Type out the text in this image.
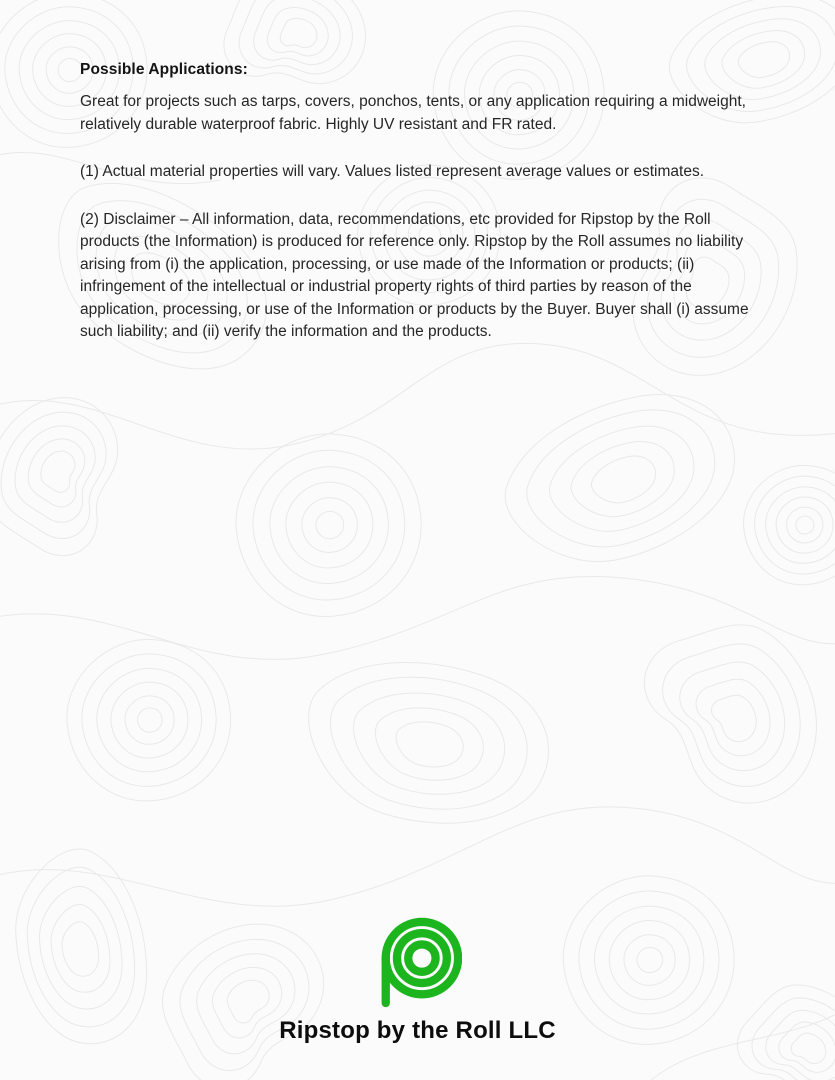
Possible Applications:

Great for projects such as tarps, covers, ponchos, tents, or any application requiring a midweight, relatively durable waterproof fabric. Highly UV resistant and FR rated.

(1) Actual material properties will vary. Values listed represent average values or estimates.

(2) Disclaimer – All information, data, recommendations, etc provided for Ripstop by the Roll products (the Information) is produced for reference only. Ripstop by the Roll assumes no liability arising from (i) the application, processing, or use made of the Information or products; (ii) infringement of the intellectual or industrial property rights of third parties by reason of the application, processing, or use of the Information or products by the Buyer. Buyer shall (i) assume such liability; and (ii) verify the information and the products.

Ripstop by the Roll LLC
